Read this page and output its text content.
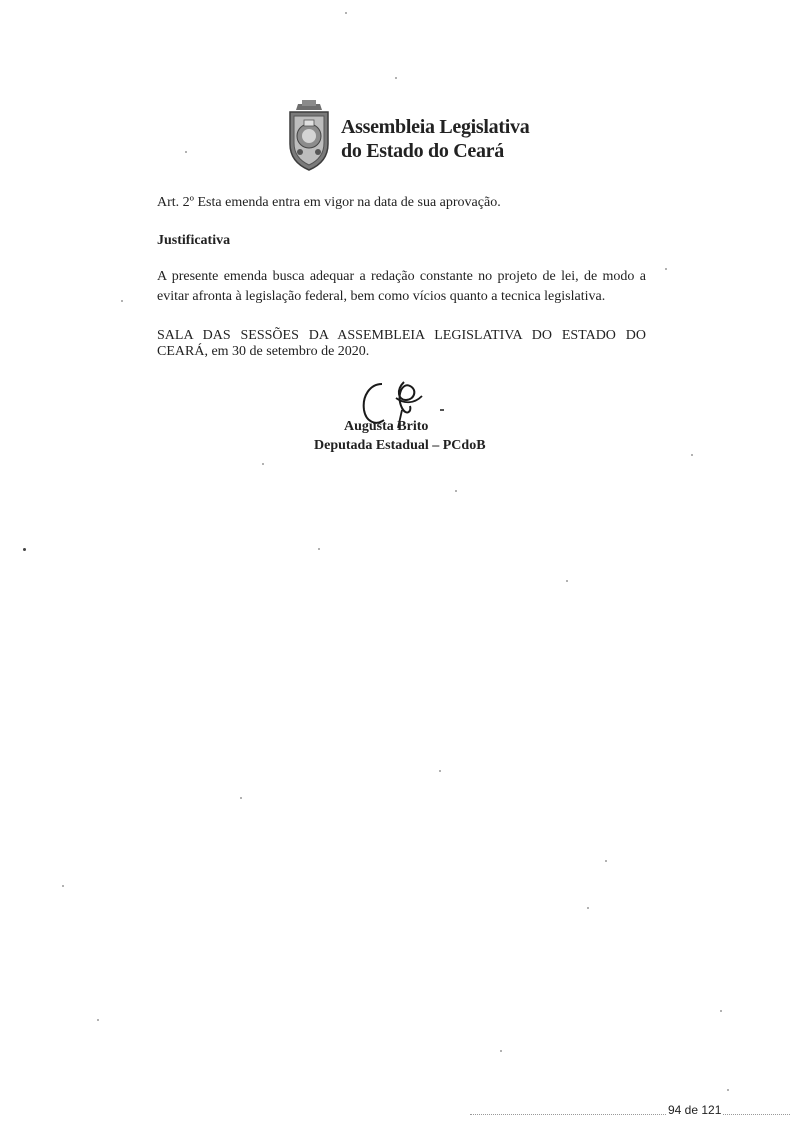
Assembleia Legislativa
do Estado do Ceará
Art. 2º Esta emenda entra em vigor na data de sua aprovação.
Justificativa
A presente emenda busca adequar a redação constante no projeto de lei, de modo a
evitar afronta à legislação federal, bem como vícios quanto a tecnica legislativa.
SALA DAS SESSÕES DA ASSEMBLEIA LEGISLATIVA DO ESTADO DO
CEARÁ, em 30 de setembro de 2020.
Augusta Brito
Deputada Estadual – PCdoB
94 de 121
